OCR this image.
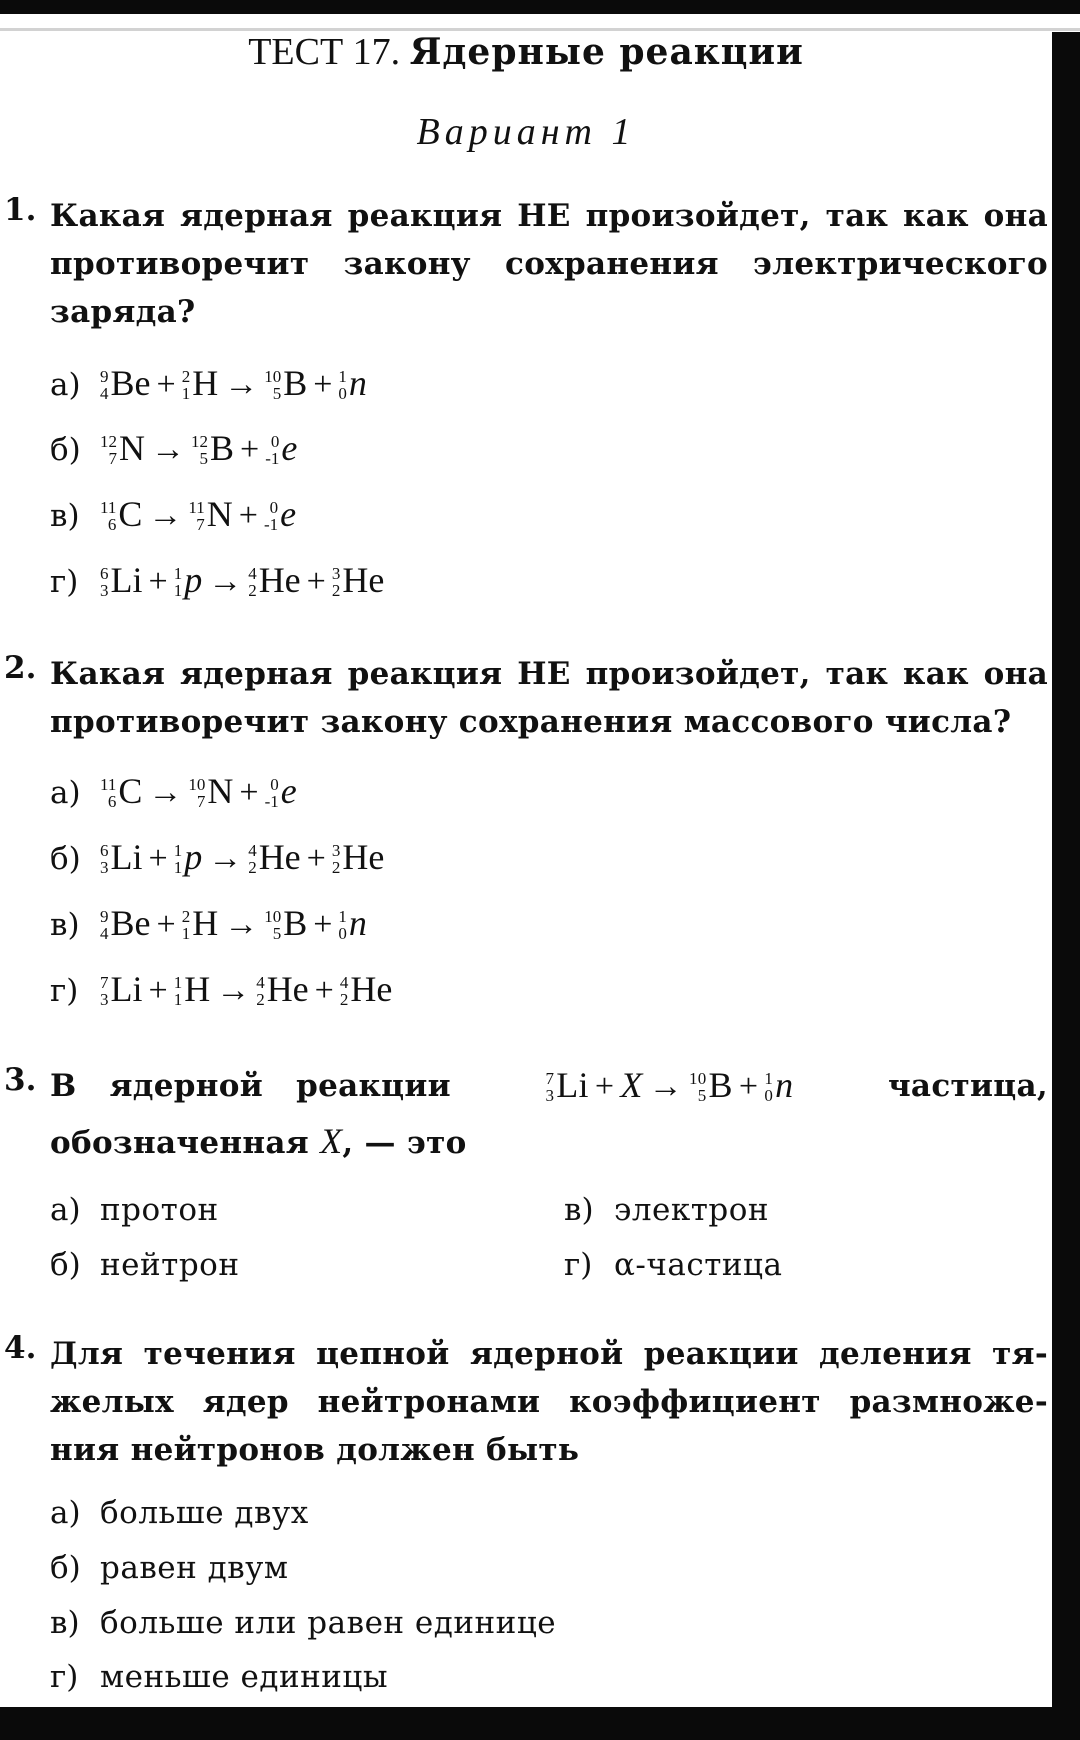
ТЕСТ 17. Ядерные реакции
Вариант 1
1. Какая ядерная реакция НЕ произойдет, так как она
противоречит закону сохранения электрического
заряда?
а) 9
4 Be + 2
1 H → 10
5 B + 1
0 n
б) 12
7 N → 12
5 B + 0
-1 e
в) 11
6 C → 11
7 N + 0
-1 e
г) 6
3 Li + 1
1 p → 4
2 He + 3
2 He
2. Какая ядерная реакция НЕ произойдет, так как она
противоречит закону сохранения массового числа?
а) 11
6 C → 10
7 N + 0
-1 e
б) 6
3 Li + 1
1 p → 4
2 He + 3
2 He
в) 9
4 Be + 2
1 H → 10
5 B + 1
0 n
г) 7
3 Li + 1
1 H → 4
2 He + 4
2 He
3. В ядерной реакции	7
3 Li + X → 10
5 B + 1
0 n	частица,
обозначенная X, — это
а) протон
б) нейтрон
в) электрон
г) α-частица
4. Для течения цепной ядерной реакции деления тя-
желых ядер нейтронами коэффициент размноже-
ния нейтронов должен быть
а) больше двух
б) равен двум
в) больше или равен единице
г) меньше единицы
